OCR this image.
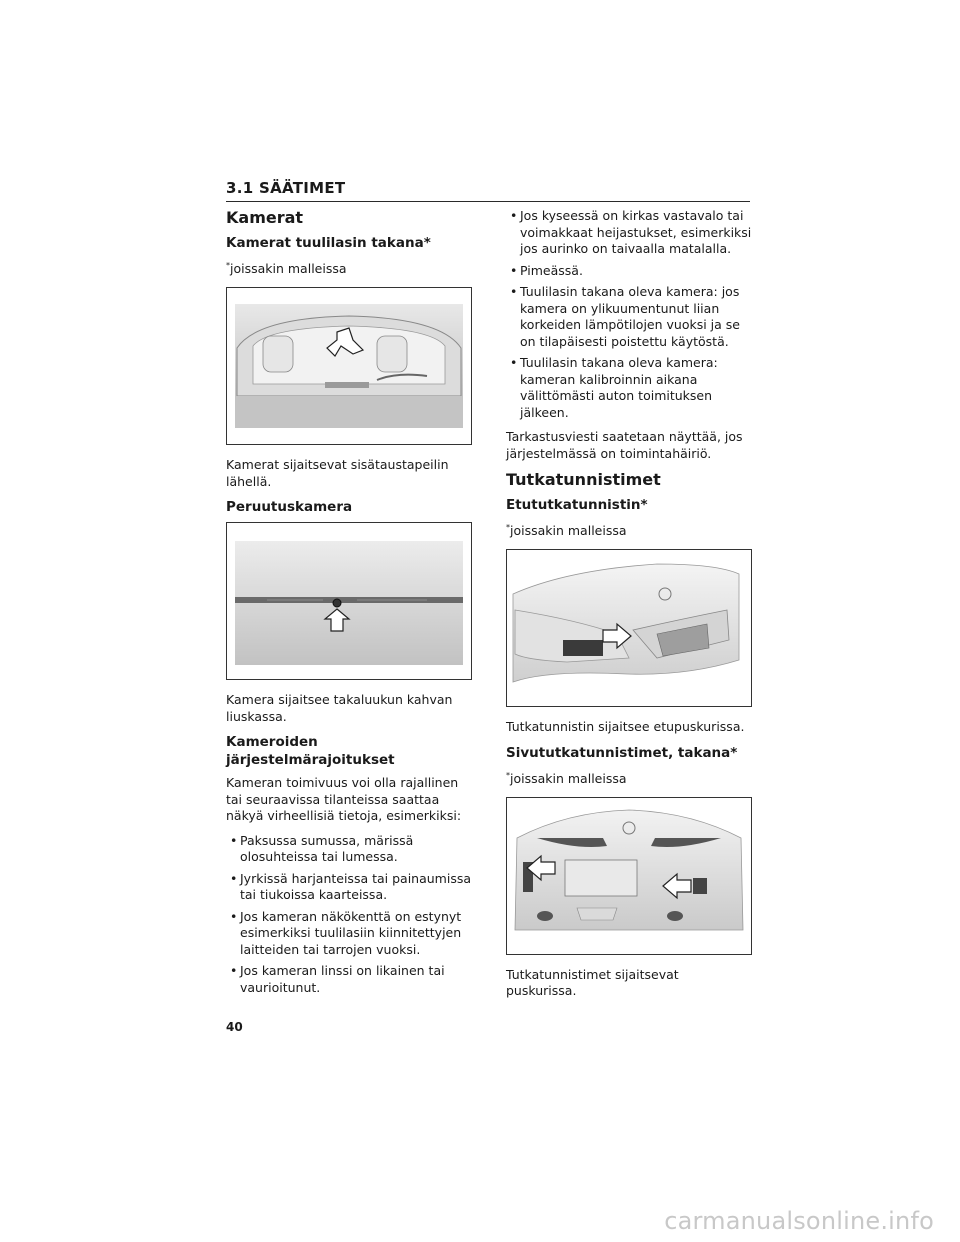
3.1 SÄÄTIMET
Kamerat
Kamerat tuulilasin takana*
*joissakin malleissa

Kamerat sijaitsevat sisätaustapeilin lähellä.

Peruutuskamera

Kamera sijaitsee takaluukun kahvan liuskassa.

Kameroiden järjestelmärajoitukset

Kameran toimivuus voi olla rajallinen tai seuraavissa tilanteissa saattaa näkyä virheellisiä tietoja, esimerkiksi:

• Paksussa sumussa, märissä olosuhteissa tai lumessa.
• Jyrkissä harjanteissa tai painaumissa tai tiukoissa kaarteissa.
• Jos kameran näkökenttä on estynyt esimerkiksi tuulilasiin kiinnitettyjen laitteiden tai tarrojen vuoksi.
• Jos kameran linssi on likainen tai vaurioitunut.
• Jos kyseessä on kirkas vastavalo tai voimakkaat heijastukset, esimerkiksi jos aurinko on taivaalla matalalla.
• Pimeässä.
• Tuulilasin takana oleva kamera: jos kamera on ylikuumentunut liian korkeiden lämpötilojen vuoksi ja se on tilapäisesti poistettu käytöstä.
• Tuulilasin takana oleva kamera: kameran kalibroinnin aikana välittömästi auton toimituksen jälkeen.

Tarkastusviesti saatetaan näyttää, jos järjestelmässä on toimintahäiriö.

Tutkatunnistimet
Etututkatunnistin*
*joissakin malleissa

Tutkatunnistin sijaitsee etupuskurissa.

Sivututkatunnistimet, takana*
*joissakin malleissa

Tutkatunnistimet sijaitsevat puskurissa.

40
carmanualsonline.info
